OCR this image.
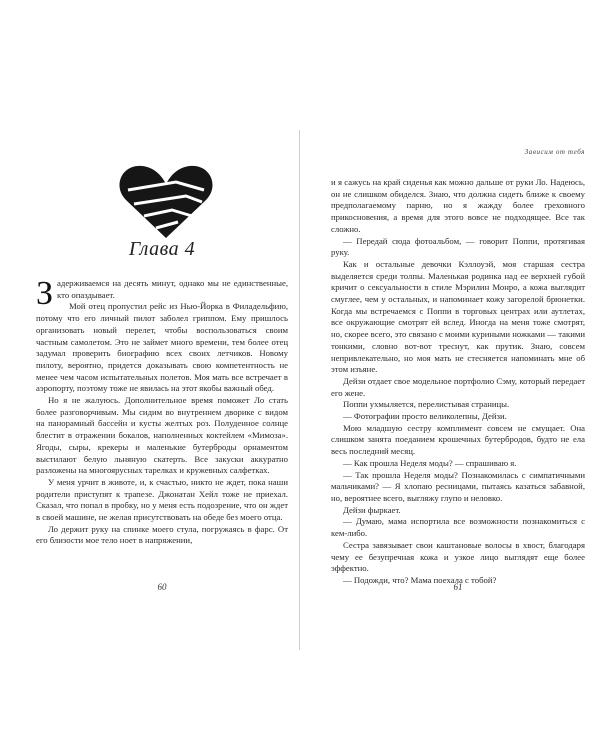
Глава 4

Задерживаемся на десять минут, однако мы не единственные, кто опаздывает.

Мой отец пропустил рейс из Нью-Йорка в Филадельфию, потому что его личный пилот заболел гриппом. Ему пришлось организовать новый перелет, чтобы воспользоваться своим частным самолетом. Это не займет много времени, тем более отец задумал проверить биографию всех своих летчиков. Новому пилоту, вероятно, придется доказывать свою компетентность не менее чем часом испытательных полетов. Моя мать все встречает в аэропорту, поэтому тоже не явилась на этот якобы важный обед.

Но я не жалуюсь. Дополнительное время поможет Ло стать более разговорчивым. Мы сидим во внутреннем дворике с видом на панорамный бассейн и кусты желтых роз. Полуденное солнце блестит в отражении бокалов, наполненных коктейлем «Мимоза». Ягоды, сыры, крекеры и маленькие бутерброды орнаментом выстилают белую льняную скатерть. Все закуски аккуратно разложены на многоярусных тарелках и кружевных салфетках.

У меня урчит в животе, и, к счастью, никто не ждет, пока наши родители приступят к трапезе. Джонатан Хейл тоже не приехал. Сказал, что попал в пробку, но у меня есть подозрение, что он ждет в своей машине, не желая присутствовать на обеде без моего отца.

Ло держит руку на спинке моего стула, погружаясь в фарс. От его близости мое тело ноет в напряжении,

60
Зависим от тебя

и я сажусь на край сиденья как можно дальше от руки Ло. Надеюсь, он не слишком обиделся. Знаю, что должна сидеть ближе к своему предполагаемому парню, но я жажду более греховного прикосновения, а время для этого вовсе не подходящее. Все так сложно.

— Передай сюда фотоальбом, — говорит Поппи, протягивая руку.

Как и остальные девочки Кэллоуэй, моя старшая сестра выделяется среди толпы. Маленькая родинка над ее верхней губой кричит о сексуальности в стиле Мэрилин Монро, а кожа выглядит смуглее, чем у остальных, и напоминает кожу загорелой брюнетки. Когда мы встречаемся с Поппи в торговых центрах или аутлетах, все окружающие смотрят ей вслед. Иногда на меня тоже смотрят, но, скорее всего, это связано с моими куриными ножками — такими тонкими, словно вот-вот треснут, как прутик. Знаю, совсем непривлекательно, но моя мать не стесняется напоминать мне об этом изъяне.

Дейзи отдает свое модельное портфолио Сэму, который передает его жене.

Поппи ухмыляется, перелистывая страницы.

— Фотографии просто великолепны, Дейзи.

Мою младшую сестру комплимент совсем не смущает. Она слишком занята поеданием крошечных бутербродов, будто не ела весь последний месяц.

— Как прошла Неделя моды? — спрашиваю я.

— Так прошла Неделя моды? Познакомилась с симпатичными мальчиками? — Я хлопаю ресницами, пытаясь казаться забавной, но, вероятнее всего, выгляжу глупо и неловко.

Дейзи фыркает.

— Думаю, мама испортила все возможности познакомиться с кем-либо.

Сестра завязывает свои каштановые волосы в хвост, благодаря чему ее безупречная кожа и узкое лицо выглядят еще более эффектно.

— Подожди, что? Мама поехала с тобой?

61
